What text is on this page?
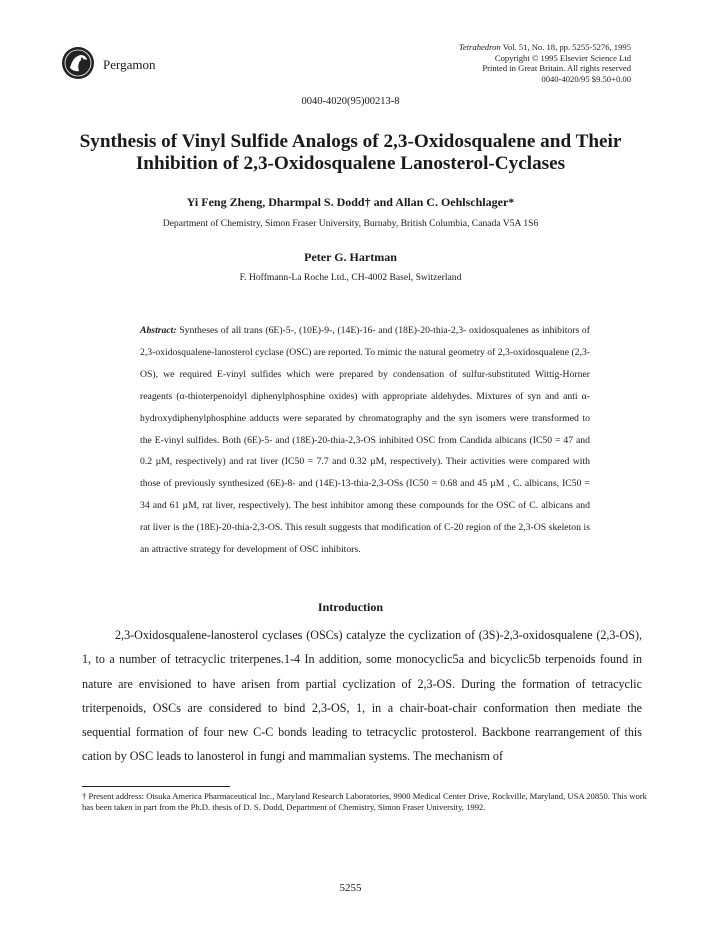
Pergamon
Tetrahedron Vol. 51, No. 18, pp. 5255-5276, 1995
Copyright © 1995 Elsevier Science Ltd
Printed in Great Britain. All rights reserved
0040-4020/95 $9.50+0.00
0040-4020(95)00213-8
Synthesis of Vinyl Sulfide Analogs of 2,3-Oxidosqualene and Their
Inhibition of 2,3-Oxidosqualene Lanosterol-Cyclases
Yi Feng Zheng, Dharmpal S. Dodd† and Allan C. Oehlschlager*
Department of Chemistry, Simon Fraser University, Burnaby, British Columbia, Canada V5A 1S6
Peter G. Hartman
F. Hoffmann-La Roche Ltd., CH-4002 Basel, Switzerland
Abstract: Syntheses of all trans (6E)-5-, (10E)-9-, (14E)-16- and (18E)-20-thia-2,3- oxidosqualenes as inhibitors of 2,3-oxidosqualene-lanosterol cyclase (OSC) are reported. To mimic the natural geometry of 2,3-oxidosqualene (2,3-OS), we required E-vinyl sulfides which were prepared by condensation of sulfur-substituted Wittig-Horner reagents (α-thioterpenoidyl diphenylphosphine oxides) with appropriate aldehydes. Mixtures of syn and anti α-hydroxydiphenylphosphine adducts were separated by chromatography and the syn isomers were transformed to the E-vinyl sulfides. Both (6E)-5- and (18E)-20-thia-2,3-OS inhibited OSC from Candida albicans (IC50 = 47 and 0.2 µM, respectively) and rat liver (IC50 = 7.7 and 0.32 µM, respectively). Their activities were compared with those of previously synthesized (6E)-8- and (14E)-13-thia-2,3-OSs (IC50 = 0.68 and 45 µM , C. albicans, IC50 = 34 and 61 µM, rat liver, respectively). The best inhibitor among these compounds for the OSC of C. albicans and rat liver is the (18E)-20-thia-2,3-OS. This result suggests that modification of C-20 region of the 2,3-OS skeleton is an attractive strategy for development of OSC inhibitors.
Introduction

2,3-Oxidosqualene-lanosterol cyclases (OSCs) catalyze the cyclization of (3S)-2,3-oxidosqualene (2,3-OS), 1, to a number of tetracyclic triterpenes.1-4 In addition, some monocyclic5a and bicyclic5b terpenoids found in nature are envisioned to have arisen from partial cyclization of 2,3-OS. During the formation of tetracyclic triterpenoids, OSCs are considered to bind 2,3-OS, 1, in a chair-boat-chair conformation then mediate the sequential formation of four new C-C bonds leading to tetracyclic protosterol. Backbone rearrangement of this cation by OSC leads to lanosterol in fungi and mammalian systems. The mechanism of

† Present address: Otsuka America Pharmaceutical Inc., Maryland Research Laboratories, 9900 Medical Center Drive, Rockville, Maryland, USA 20850. This work has been taken in part from the Ph.D. thesis of D. S. Dodd, Department of Chemistry, Simon Fraser University, 1992.
5255
